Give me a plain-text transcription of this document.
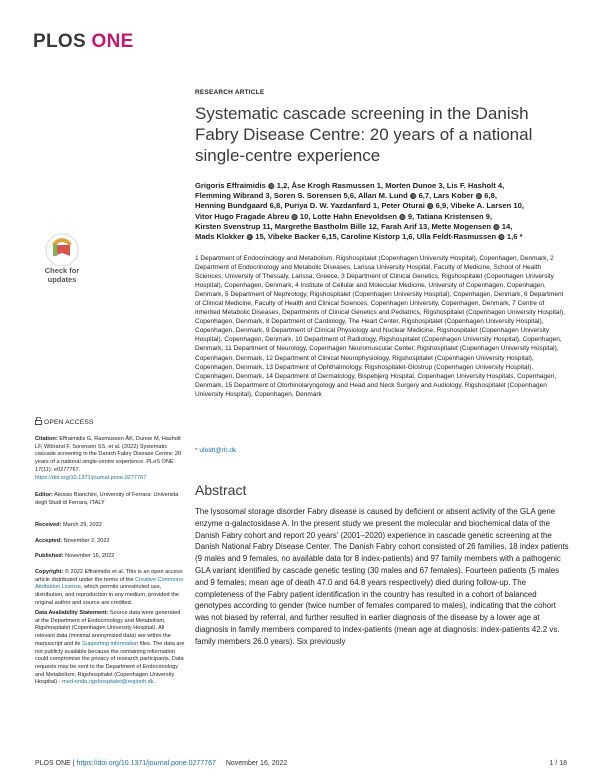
PLOS ONE
Check for updates
RESEARCH ARTICLE
Systematic cascade screening in the Danish Fabry Disease Centre: 20 years of a national single-centre experience
Grigoris Effraimidis ◍ 1,2, Åse Krogh Rasmussen 1, Morten Dunoe 3, Lis F. Hasholt 4,
Flemming Wibrand 3, Soren S. Sorensen 5,6, Allan M. Lund ◍ 6,7, Lars Kober ◍ 6,8,
Henning Bundgaard 6,8, Puriya D. W. Yazdanfard 1, Peter Oturai ◍ 6,9, Vibeke A. Larsen 10,
Vitor Hugo Fragade Abreu ◍ 10, Lotte Hahn Enevoldsen ◍ 9, Tatiana Kristensen 9,
Kirsten Svenstrup 11, Margrethe Bastholm Bille 12, Farah Arif 13, Mette Mogensen ◍ 14,
Mads Klokker ◍ 15, Vibeke Backer 6,15, Caroline Kistorp 1,6, Ulla Feldt-Rasmussen ◍ 1,6 *
1 Department of Endocrinology and Metabolism, Rigshospitalet (Copenhagen University Hospital), Copenhagen, Denmark, 2 Department of Endocrinology and Metabolic Diseases, Larissa University Hospital, Faculty of Medicine, School of Health Sciences, University of Thessaly, Larissa, Greece, 3 Department of Clinical Genetics, Rigshospitalet (Copenhagen University Hospital), Copenhagen, Denmark, 4 Institute of Cellular and Molecular Medicine, University of Copenhagen, Copenhagen, Denmark, 5 Department of Nephrology, Rigshospitalet (Copenhagen University Hospital), Copenhagen, Denmark, 6 Department of Clinical Medicine, Faculty of Health and Clinical Sciences, Copenhagen University, Copenhagen, Denmark, 7 Centre of Inherited Metabolic Diseases, Departments of Clinical Genetics and Pediatrics, Rigshospitalet (Copenhagen University Hospital), Copenhagen, Denmark, 8 Department of Cardiology, The Heart Center, Rigshospitalet (Copenhagen University Hospital), Copenhagen, Denmark, 9 Department of Clinical Physiology and Nuclear Medicine, Rigshospitalet (Copenhagen University Hospital), Copenhagen, Denmark, 10 Department of Radiology, Rigshospitalet (Copenhagen University Hospital), Copenhagen, Denmark, 11 Department of Neurology, Copenhagen Neuromuscular Center, Rigshospitalet (Copenhagen University Hospital), Copenhagen, Denmark, 12 Department of Clinical Neurophysiology, Rigshospitalet (Copenhagen University Hospital), Copenhagen, Denmark, 13 Department of Ophthalmology, Rigshospitalet-Glostrup (Copenhagen University Hospital), Copenhagen, Denmark, 14 Department of Dermatology, Bispebjerg Hospital, Copenhagen University Hospitals, Copenhagen, Denmark, 15 Department of Otorhinolaryngology and Head and Neck Surgery and Audiology, Rigshospitalet (Copenhagen University Hospital), Copenhagen, Denmark
* ufeldt@rh.dk
OPEN ACCESS
Citation: Effraimidis G, Rasmussen ÅK, Dunoe M, Hasholt LF, Wibrand F, Sorensen SS, et al. (2022) Systematic cascade screening in the Danish Fabry Disease Centre: 20 years of a national single-centre experience. PLoS ONE 17(11): e0277767. https://doi.org/10.1371/journal.pone.0277767
Editor: Alessio Bianchini, University of Ferrara: Universita degli Studi di Ferrara, ITALY
Received: March 29, 2022
Accepted: November 2, 2022
Published: November 16, 2022
Copyright: © 2022 Effraimidis et al. This is an open access article distributed under the terms of the Creative Commons Attribution License, which permits unrestricted use, distribution, and reproduction in any medium, provided the original author and source are credited.
Data Availability Statement: Source data were generated at the Department of Endocrinology and Metabolism, Rigshospitalet (Copenhagen University Hospital). All relevant data (minimal anonymized data) are within the manuscript and its Supporting information files. The data are not publicly available because the containing information could compromise the privacy of research participants. Data requests may be sent to the Department of Endocrinology and Metabolism, Rigshospitalet (Copenhagen University Hospital) - med-endo.rigshospitalet@regionh.dk.
Abstract
The lysosomal storage disorder Fabry disease is caused by deficient or absent activity of the GLA gene enzyme α-galactosidase A. In the present study we present the molecular and biochemical data of the Danish Fabry cohort and report 20 years' (2001–2020) experience in cascade genetic screening at the Danish National Fabry Disease Center. The Danish Fabry cohort consisted of 26 families, 18 index patients (9 males and 9 females, no available data for 8 index-patients) and 97 family members with a pathogenic GLA variant identified by cascade genetic testing (30 males and 67 females). Fourteen patients (5 males and 9 females; mean age of death 47.0 and 64.8 years respectively) died during follow-up. The completeness of the Fabry patient identification in the country has resulted in a cohort of balanced genotypes according to gender (twice number of females compared to males), indicating that the cohort was not biased by referral, and further resulted in earlier diagnosis of the disease by a lower age at diagnosis in family members compared to index-patients (mean age at diagnosis: index-patients 42.2 vs. family members 26.0 years). Six previously
PLOS ONE | https://doi.org/10.1371/journal.pone.0277767 November 16, 2022	1 / 18
